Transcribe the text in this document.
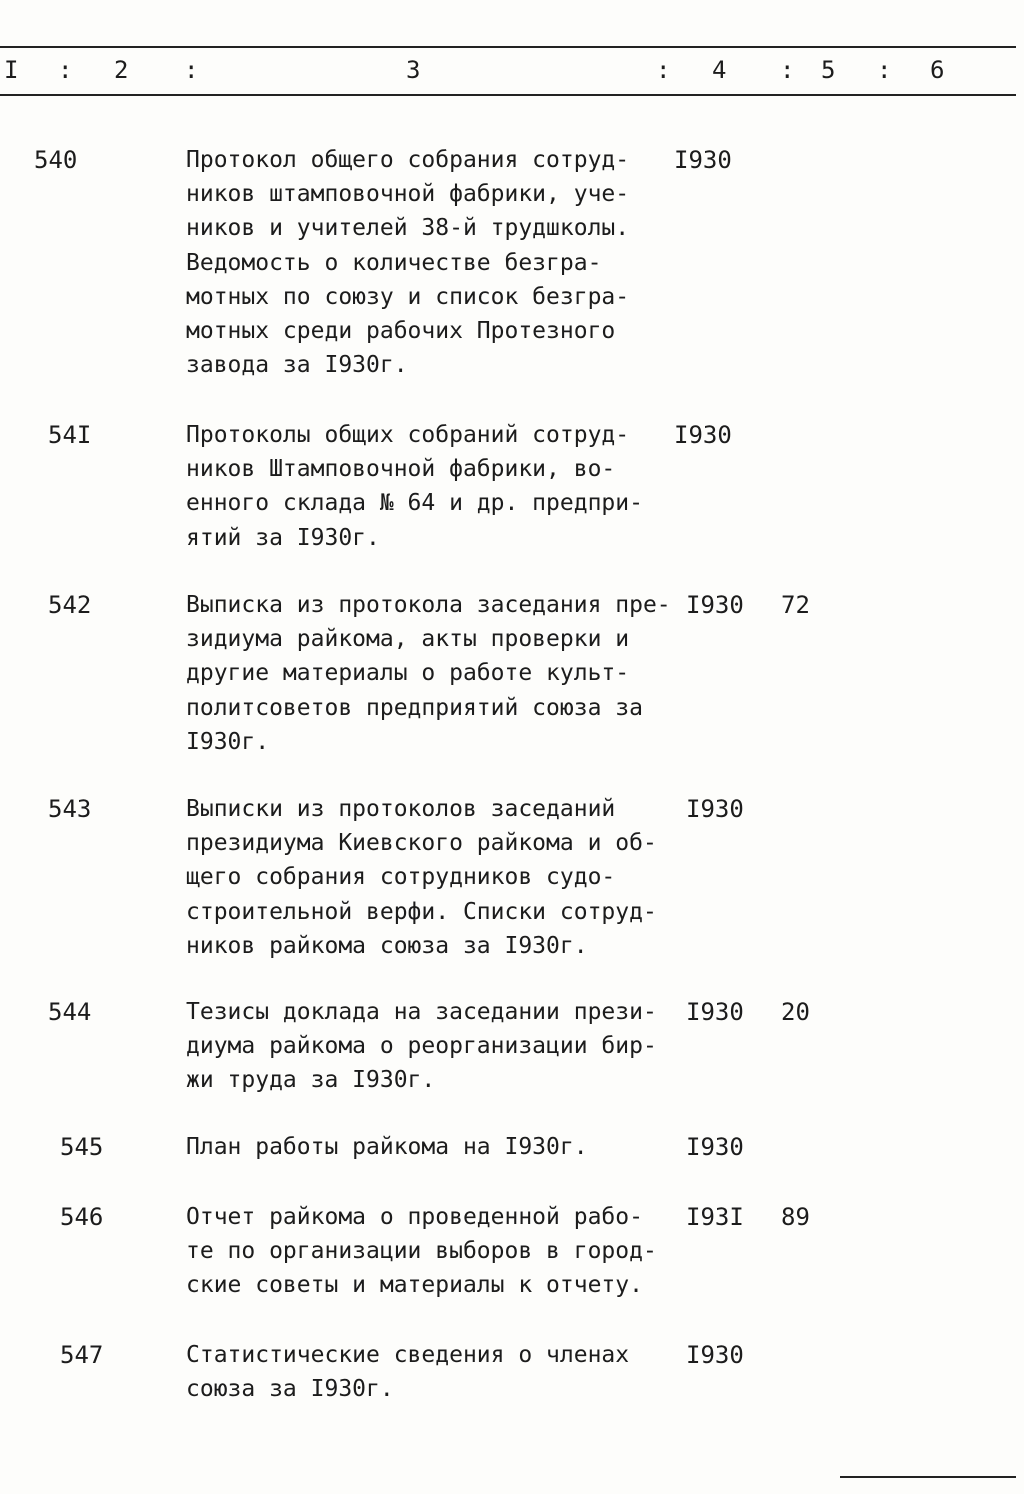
I : 2 :	3	: 4 : 5 : 6
540	Протокол общего собрания сотруд-
ников штамповочной фабрики, уче-
ников и учителей 38-й трудшколы.
Ведомость о количестве безгра-
мотных по союзу и список безгра-
мотных среди рабочих Протезного
завода за I930г.
I930
54I	Протоколы общих собраний сотруд-
ников Штамповочной фабрики, во-
енного склада № 64 и др. предпри-
ятий за I930г.
I930
542	Выписка из протокола заседания пре-
зидиума райкома, акты проверки и
другие материалы о работе культ-
политсоветов предприятий союза за
I930г.
I930 72
543	Выписки из протоколов заседаний
президиума Киевского райкома и об-
щего собрания сотрудников судо-
строительной верфи. Списки сотруд-
ников райкома союза за I930г.
I930
544	Тезисы доклада на заседании прези-
диума райкома о реорганизации бир-
жи труда за I930г.
I930 20
545	План работы райкома на I930г.	I930
546	Отчет райкома о проведенной рабо-
те по организации выборов в город-
ские советы и материалы к отчету.
I93I 89
547	Статистические сведения о членах
союза за I930г.
I930
